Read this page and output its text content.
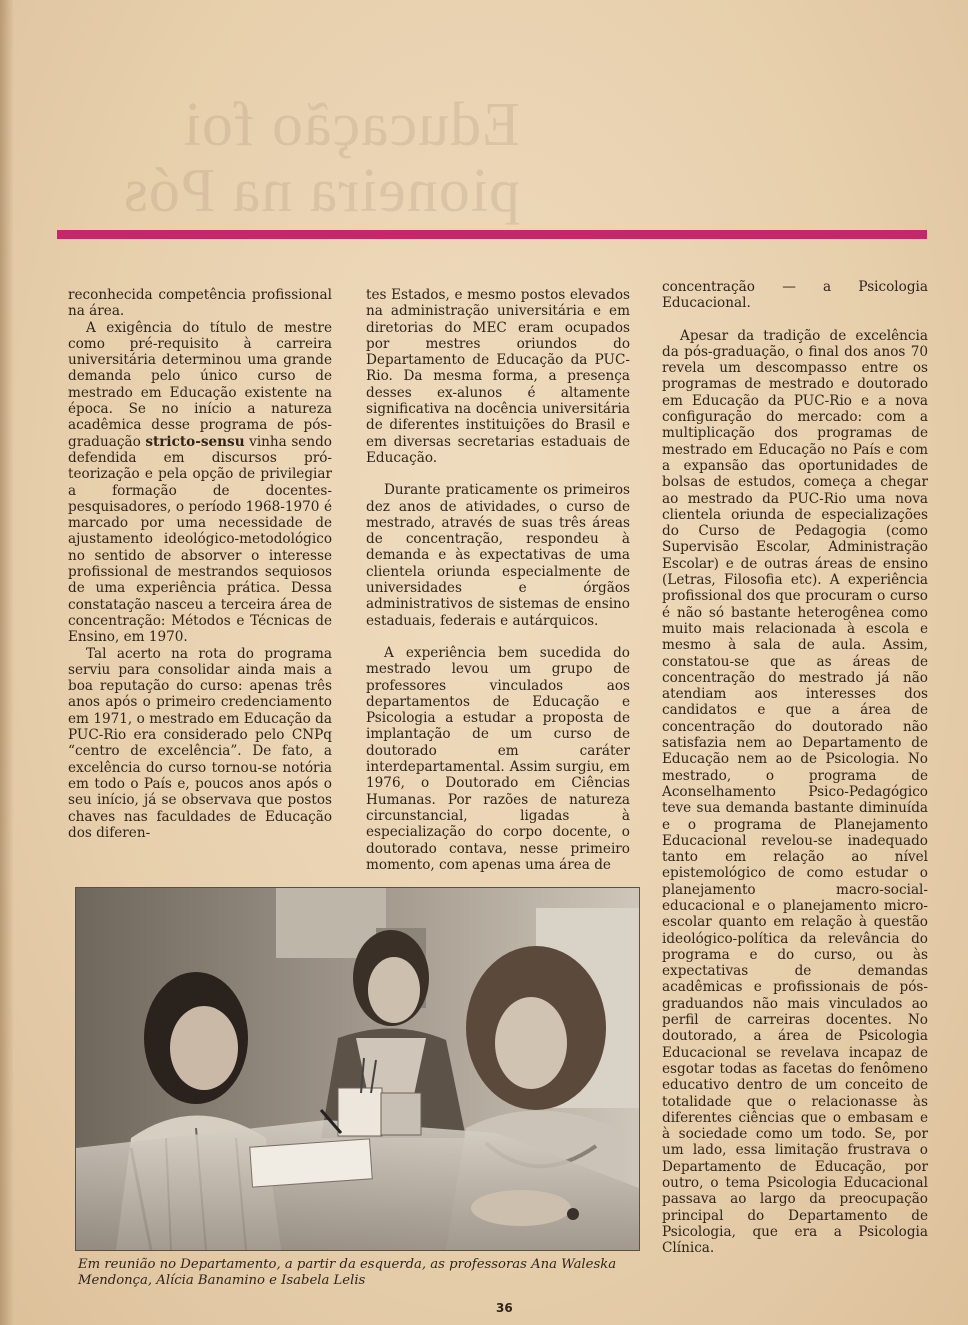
Educação foi
pioneira na Pós

reconhecida competência profissional na área.

A exigência do título de mestre como pré-requisito à carreira universitária determinou uma grande demanda pelo único curso de mestrado em Educação existente na época. Se no início a natureza acadêmica desse programa de pós-graduação stricto-sensu vinha sendo defendida em discursos pró-teorização e pela opção de privilegiar a formação de docentes-pesquisadores, o período 1968-1970 é marcado por uma necessidade de ajustamento ideológico-metodológico no sentido de absorver o interesse profissional de mestrandos sequiosos de uma experiência prática. Dessa constatação nasceu a terceira área de concentração: Métodos e Técnicas de Ensino, em 1970.

Tal acerto na rota do programa serviu para consolidar ainda mais a boa reputação do curso: apenas três anos após o primeiro credenciamento em 1971, o mestrado em Educação da PUC-Rio era considerado pelo CNPq “centro de excelência”. De fato, a excelência do curso tornou-se notória em todo o País e, poucos anos após o seu início, já se observava que postos chaves nas faculdades de Educação dos diferen-

tes Estados, e mesmo postos elevados na administração universitária e em diretorias do MEC eram ocupados por mestres oriundos do Departamento de Educação da PUC-Rio. Da mesma forma, a presença desses ex-alunos é altamente significativa na docência universitária de diferentes instituições do Brasil e em diversas secretarias estaduais de Educação.

Durante praticamente os primeiros dez anos de atividades, o curso de mestrado, através de suas três áreas de concentração, respondeu à demanda e às expectativas de uma clientela oriunda especialmente de universidades e órgãos administrativos de sistemas de ensino estaduais, federais e autárquicos.

A experiência bem sucedida do mestrado levou um grupo de professores vinculados aos departamentos de Educação e Psicologia a estudar a proposta de implantação de um curso de doutorado em caráter interdepartamental. Assim surgiu, em 1976, o Doutorado em Ciências Humanas. Por razões de natureza circunstancial, ligadas à especialização do corpo docente, o doutorado contava, nesse primeiro momento, com apenas uma área de

concentração — a Psicologia Educacional.

Apesar da tradição de excelência da pós-graduação, o final dos anos 70 revela um descompasso entre os programas de mestrado e doutorado em Educação da PUC-Rio e a nova configuração do mercado: com a multiplicação dos programas de mestrado em Educação no País e com a expansão das oportunidades de bolsas de estudos, começa a chegar ao mestrado da PUC-Rio uma nova clientela oriunda de especializações do Curso de Pedagogia (como Supervisão Escolar, Administração Escolar) e de outras áreas de ensino (Letras, Filosofia etc). A experiência profissional dos que procuram o curso é não só bastante heterogênea como muito mais relacionada à escola e mesmo à sala de aula. Assim, constatou-se que as áreas de concentração do mestrado já não atendiam aos interesses dos candidatos e que a área de concentração do doutorado não satisfazia nem ao Departamento de Educação nem ao de Psicologia. No mestrado, o programa de Aconselhamento Psico-Pedagógico teve sua demanda bastante diminuída e o programa de Planejamento Educacional revelou-se inadequado tanto em relação ao nível epistemológico de como estudar o planejamento macro-social-educacional e o planejamento micro-escolar quanto em relação à questão ideológico-política da relevância do programa e do curso, ou às expectativas de demandas acadêmicas e profissionais de pós-graduandos não mais vinculados ao perfil de carreiras docentes. No doutorado, a área de Psicologia Educacional se revelava incapaz de esgotar todas as facetas do fenômeno educativo dentro de um conceito de totalidade que o relacionasse às diferentes ciências que o embasam e à sociedade como um todo. Se, por um lado, essa limitação frustrava o Departamento de Educação, por outro, o tema Psicologia Educacional passava ao largo da preocupação principal do Departamento de Psicologia, que era a Psicologia Clínica.

Em reunião no Departamento, a partir da esquerda, as professoras Ana Waleska Mendonça, Alícia Banamino e Isabela Lelis
36
